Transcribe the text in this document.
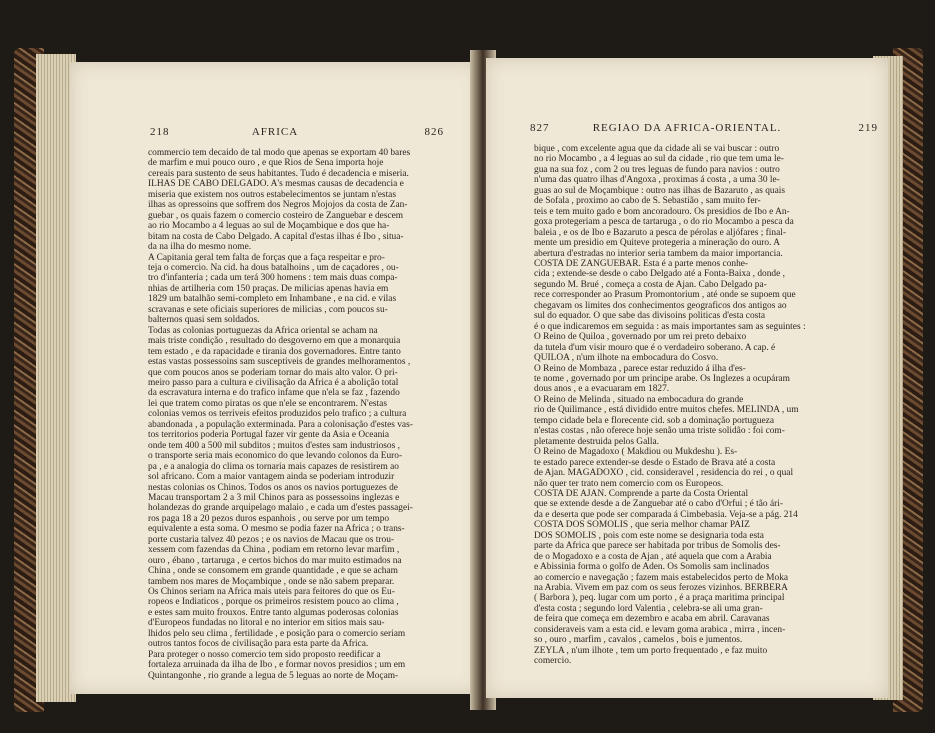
218	AFRICA	826

commercio tem decaido de tal modo que apenas se exportam 40 bares

de marfim e mui pouco ouro , e que Rios de Sena importa hoje

cereais para sustento de seus habitantes. Tudo é decadencia e miseria.

ILHAS DE CABO DELGADO. A's mesmas causas de decadencia e

miseria que existem nos outros estabelecimentos se juntam n'estas

ilhas as opressoins que soffrem dos Negros Mojojos da costa de Zan-

guebar , os quais fazem o comercio costeiro de Zanguebar e descem

ao rio Mocambo a 4 leguas ao sul de Moçambique e dos que ha-

bitam na costa de Cabo Delgado. A capital d'estas ilhas é Ibo , situa-

da na ilha do mesmo nome.

A Capitania geral tem falta de forças que a faça respeitar e pro-

teja o comercio. Na cid. ha dous batalhoins , um de caçadores , ou-

tro d'infanteria ; cada um terá 300 homens : tem mais duas compa-

nhias de artilheria com 150 praças. De milicias apenas havia em

1829 um batalhão semi-completo em Inhambane , e na cid. e vilas

scravanas e sete oficiais superiores de milicias , com poucos su-

balternos quasi sem soldados.

Todas as colonias portuguezas da Africa oriental se acham na

mais triste condição , resultado do desgoverno em que a monarquia

tem estado , e da rapacidade e tirania dos governadores. Entre tanto

estas vastas possessoins sam susceptiveis de grandes melhoramentos ,

que com poucos anos se poderiam tornar do mais alto valor. O pri-

meiro passo para a cultura e civilisação da Africa é a abolição total

da escravatura interna e do trafico infame que n'ela se faz , fazendo

lei que tratem como piratas os que n'ele se encontrarem. N'estas

colonias vemos os terriveis efeitos produzidos pelo trafico ; a cultura

abandonada , a população exterminada. Para a colonisação d'estes vas-

tos territorios poderia Portugal fazer vir gente da Asia e Oceania

onde tem 400 a 500 mil subditos ; muitos d'estes sam industriosos ,

o transporte seria mais economico do que levando colonos da Euro-

pa , e a analogia do clima os tornaria mais capazes de resistirem ao

sol africano. Com a maior vantagem ainda se poderiam introduzir

nestas colonias os Chinos. Todos os anos os navios portuguezes de

Macau transportam 2 a 3 mil Chinos para as possessoins inglezas e

holandezas do grande arquipelago malaio , e cada um d'estes passagei-

ros paga 18 a 20 pezos duros espanhois , ou serve por um tempo

equivalente a esta soma. O mesmo se podia fazer na Africa ; o trans-

porte custaria talvez 40 pezos ; e os navios de Macau que os trou-

xessem com fazendas da China , podiam em retorno levar marfim ,

ouro , ébano , tartaruga , e certos bichos do mar muito estimados na

China , onde se consomem em grande quantidade , e que se acham

tambem nos mares de Moçambique , onde se não sabem preparar.

Os Chinos seriam na Africa mais uteis para feitores do que os Eu-

ropeos e Indiaticos , porque os primeiros resistem pouco ao clima ,

e estes sam muito frouxos. Entre tanto algumas poderosas colonias

d'Europeos fundadas no litoral e no interior em sitios mais sau-

lhidos pelo seu clima , fertilidade , e posição para o comercio seriam

outros tantos focos de civilisação para esta parte da Africa.

Para proteger o nosso comercio tem sido proposto reedificar a

fortaleza arruinada da ilha de Ibo , e formar novos presidios ; um em

Quintangonhe , rio grande a legua de 5 leguas ao norte de Moçam-

827	REGIAO DA AFRICA-ORIENTAL.	219

bique , com excelente agua que da cidade ali se vai buscar : outro

no rio Mocambo , a 4 leguas ao sul da cidade , rio que tem uma le-

gua na sua foz , com 2 ou tres leguas de fundo para navios : outro

n'uma das quatro ilhas d'Angoxa , proximas á costa , a uma 30 le-

guas ao sul de Moçambique : outro nas ilhas de Bazaruto , as quais

de Sofala , proximo ao cabo de S. Sebastião , sam muito fer-

teis e tem muito gado e bom ancoradouro. Os presidios de Ibo e An-

goxa protegeriam a pesca de tartaruga , o do rio Mocambo a pesca da

baleia , e os de Ibo e Bazaruto a pesca de pérolas e aljófares ; final-

mente um presidio em Quiteve protegeria a mineração do ouro. A

abertura d'estradas no interior seria tambem da maior importancia.

COSTA DE ZANGUEBAR. Esta é a parte menos conhe-

cida ; extende-se desde o cabo Delgado até a Fonta-Baixa , donde ,

segundo M. Brué , começa a costa de Ajan. Cabo Delgado pa-

rece corresponder ao Prasum Promontorium , até onde se supoem que

chegavam os limites dos conhecimentos geograficos dos antigos ao

sul do equador. O que sabe das divisoins politicas d'esta costa

é o que indicaremos em seguida : as mais importantes sam as seguintes :

O Reino de Quiloa , governado por um rei preto debaixo

da tutela d'um visir mouro que é o verdadeiro soberano. A cap. é

QUILOA , n'um ilhote na embocadura do Cosvo.

O Reino de Mombaza , parece estar reduzido á ilha d'es-

te nome , governado por um principe arabe. Os Inglezes a ocupáram

dous anos , e a evacuaram em 1827.

O Reino de Melinda , situado na embocadura do grande

rio de Quilimance , está dividido entre muitos chefes. MELINDA , um

tempo cidade bela e florecente cid. sob a dominação portugueza

n'estas costas , não oferece hoje senão uma triste solidão : foi com-

pletamente destruida pelos Galla.

O Reino de Magadoxo ( Makdiou ou Mukdeshu ). Es-

te estado parece extender-se desde o Estado de Brava até a costa

de Ajan. MAGADOXO , cid. consideravel , residencia do rei , o qual

não quer ter trato nem comercio com os Europeos.

COSTA DE AJAN. Comprende a parte da Costa Oriental

que se extende desde a de Zanguebar até o cabo d'Orfui ; é tão ári-

da e deserta que pode ser comparada á Cimbebasia. Veja-se a pág. 214

COSTA DOS SOMOLIS , que seria melhor chamar PAIZ

DOS SOMOLIS , pois com este nome se designaria toda esta

parte da Africa que parece ser habitada por tribus de Somolis des-

de o Mogadoxo e a costa de Ajan , até aquela que com a Arabia

e Abissinia forma o golfo de Aden. Os Somolis sam inclinados

ao comercio e navegação ; fazem mais estabelecidos perto de Moka

na Arabia. Vivem em paz com os seus ferozes vizinhos. BERBERA

( Barbora ), peq. lugar com um porto , é a praça maritima principal

d'esta costa ; segundo lord Valentia , celebra-se ali uma gran-

de feira que começa em dezembro e acaba em abril. Caravanas

consideraveis vam a esta cid. e levam goma arabica , mirra , incen-

so , ouro , marfim , cavalos , camelos , bois e jumentos.

ZEYLA , n'um ilhote , tem um porto frequentado , e faz muito

comercio.
